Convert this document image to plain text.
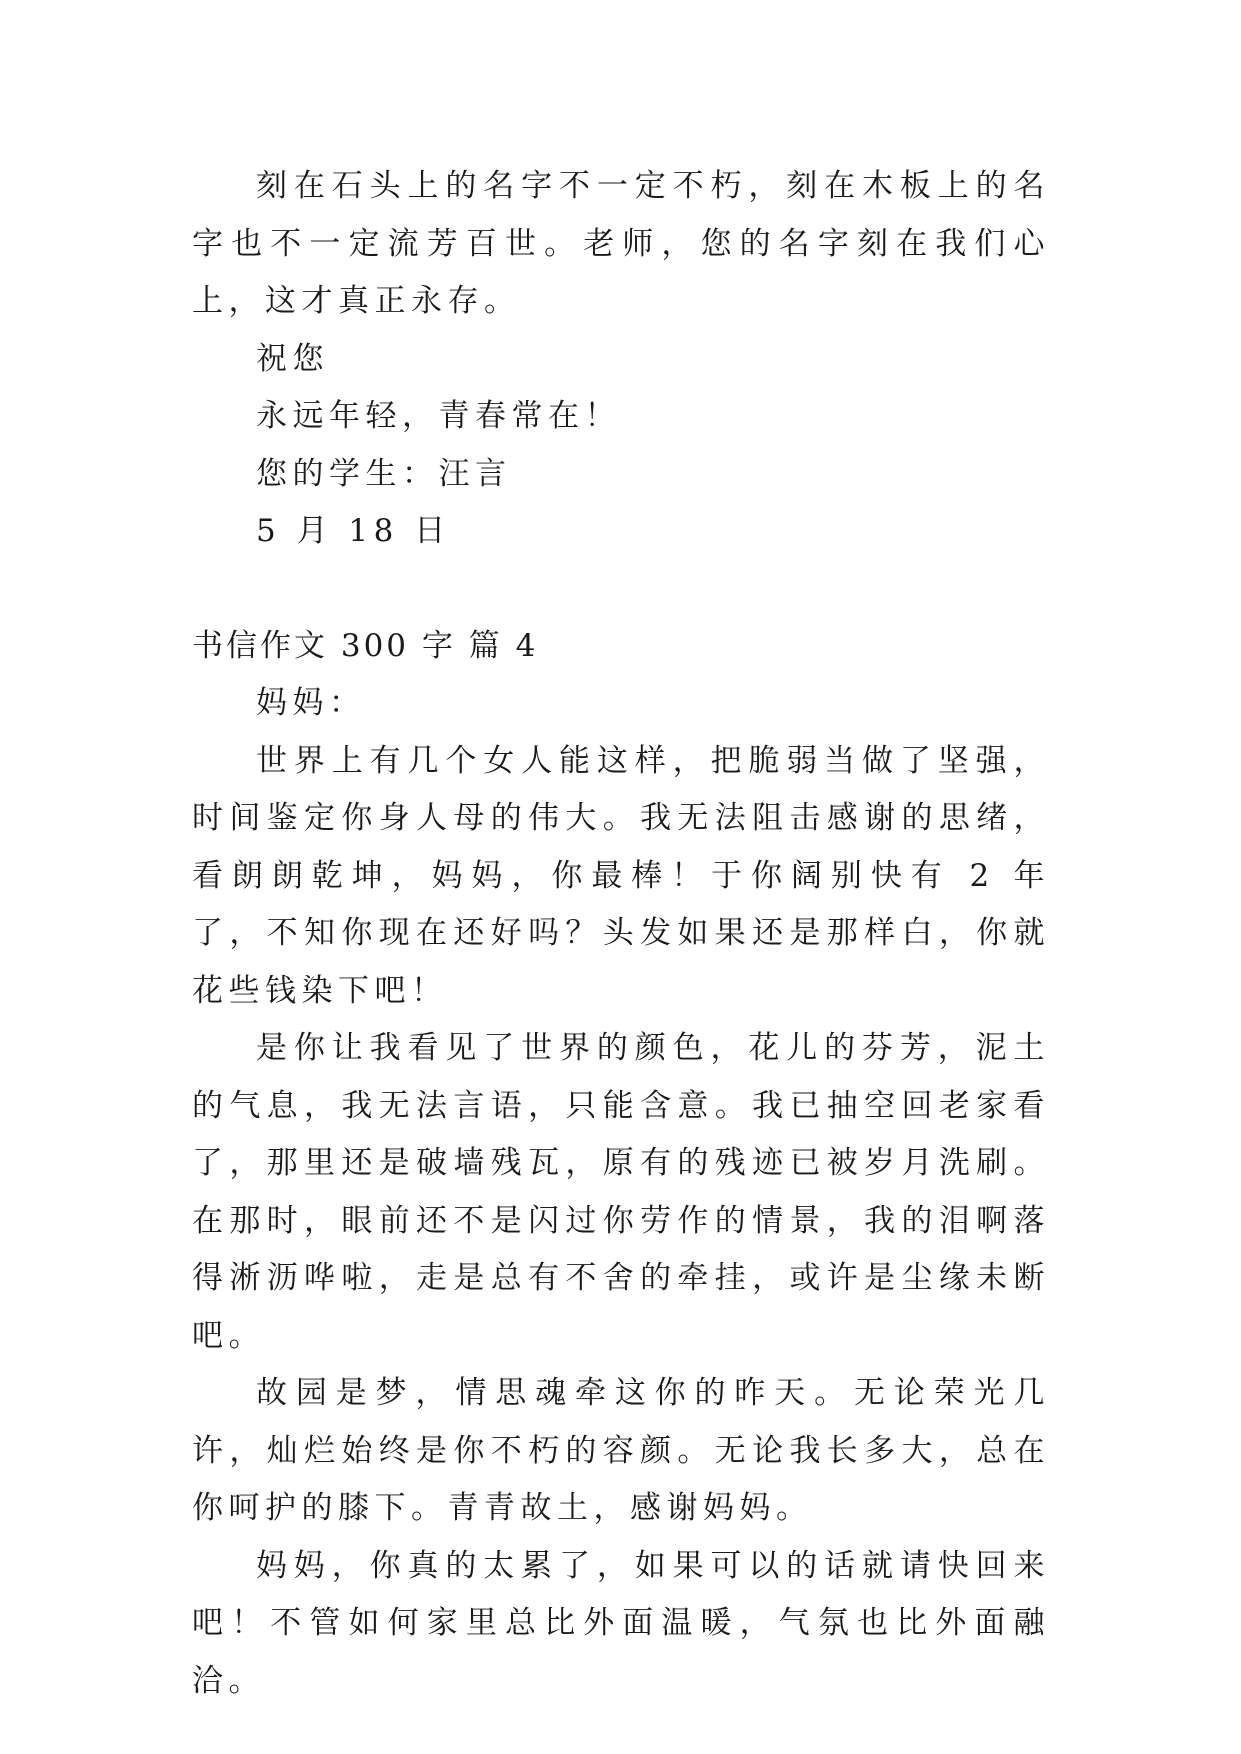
刻在石头上的名字不一定不朽，刻在木板上的名字也不一定流芳百世。老师，您的名字刻在我们心上，这才真正永存。

祝您

永远年轻，青春常在！

您的学生：汪言

5 月 18 日

书信作文 300 字 篇 4

妈妈：

世界上有几个女人能这样，把脆弱当做了坚强，时间鉴定你身人母的伟大。我无法阻击感谢的思绪，看朗朗乾坤，妈妈，你最棒！于你阔别快有 2 年了，不知你现在还好吗？头发如果还是那样白，你就花些钱染下吧！

是你让我看见了世界的颜色，花儿的芬芳，泥土的气息，我无法言语，只能含意。我已抽空回老家看了，那里还是破墙残瓦，原有的残迹已被岁月洗刷。在那时，眼前还不是闪过你劳作的情景，我的泪啊落得淅沥哗啦，走是总有不舍的牵挂，或许是尘缘未断吧。

故园是梦，情思魂牵这你的昨天。无论荣光几许，灿烂始终是你不朽的容颜。无论我长多大，总在你呵护的膝下。青青故土，感谢妈妈。

妈妈，你真的太累了，如果可以的话就请快回来吧！不管如何家里总比外面温暖，气氛也比外面融洽。
